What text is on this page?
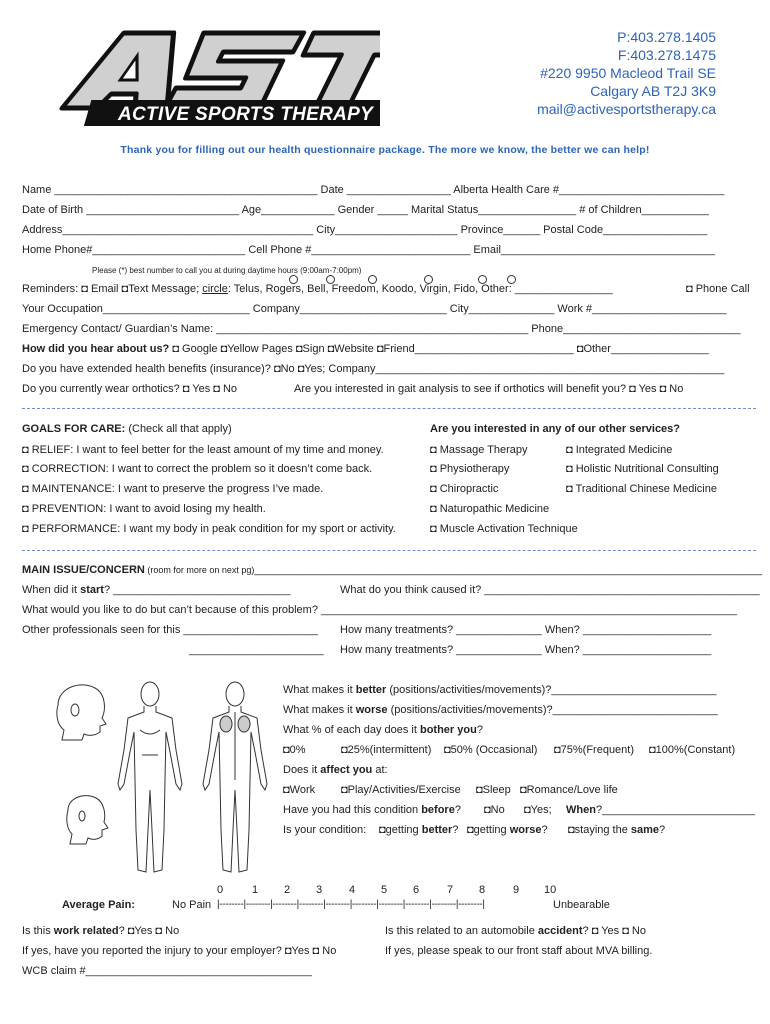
AST
ACTIVE SPORTS THERAPY
P:403.278.1405
F:403.278.1475
#220 9950 Macleod Trail SE
Calgary AB T2J 3K9
mail@activesportstherapy.ca
Thank you for filling out our health questionnaire package. The more we know, the better we can help!
Name ___________________________________________ Date _________________ Alberta Health Care #___________________________
Date of Birth _________________________ Age____________ Gender _____ Marital Status________________ # of Children___________
Address_________________________________________ City____________________ Province______ Postal Code_________________
Home Phone#_________________________ Cell Phone #__________________________ Email___________________________________
Please (*) best number to call you at during daytime hours (9:00am-7:00pm)
Reminders: ◘ Email ◘Text Message; circle: Telus, Rogers, Bell, Freedom, Koodo, Virgin, Fido, Other: ________________	◘ Phone Call
Your Occupation________________________ Company________________________ City______________ Work #______________________
Emergency Contact/ Guardian’s Name: ___________________________________________________ Phone_____________________________
How did you hear about us? ◘ Google ◘Yellow Pages ◘Sign ◘Website ◘Friend__________________________ ◘Other________________
Do you have extended health benefits (insurance)? ◘No ◘Yes; Company_________________________________________________________
Do you currently wear orthotics? ◘ Yes ◘ No	Are you interested in gait analysis to see if orthotics will benefit you? ◘ Yes ◘ No
GOALS FOR CARE: (Check all that apply)
◘ RELIEF: I want to feel better for the least amount of my time and money.
◘ CORRECTION: I want to correct the problem so it doesn’t come back.
◘ MAINTENANCE: I want to preserve the progress I’ve made.
◘ PREVENTION: I want to avoid losing my health.
◘ PERFORMANCE: I want my body in peak condition for my sport or activity.
Are you interested in any of our other services?
◘ Massage Therapy
◘ Physiotherapy
◘ Chiropractic
◘ Naturopathic Medicine
◘ Muscle Activation Technique
◘ Integrated Medicine
◘ Holistic Nutritional Consulting
◘ Traditional Chinese Medicine
MAIN ISSUE/CONCERN (room for more on next pg)___________________________________________________________________________________
When did it start? _____________________________	What do you think caused it? _____________________________________________
What would you like to do but can’t because of this problem? ____________________________________________________________________
Other professionals seen for this ______________________ How many treatments? ______________ When? _____________________
______________________ How many treatments? ______________ When? _____________________
What makes it better (positions/activities/movements)?___________________________
What makes it worse (positions/activities/movements)?___________________________
What % of each day does it bother you?
◘0%	◘25%(intermittent) ◘50% (Occasional) ◘75%(Frequent) ◘100%(Constant)
Does it affect you at:
◘Work ◘Play/Activities/Exercise ◘Sleep ◘Romance/Love life
Have you had this condition before? ◘No ◘Yes; When?_________________________
Is your condition: ◘getting better? ◘getting worse? ◘staying the same?
0	1 2 3 4 5 6	7 8	9 10
Average Pain:	No Pain |--------|--------|--------|--------|--------|--------|--------|--------|--------|--------|	Unbearable
Is this work related? ◘Yes ◘ No
If yes, have you reported the injury to your employer? ◘Yes ◘ No
WCB claim #_____________________________________
Is this related to an automobile accident? ◘ Yes ◘ No
If yes, please speak to our front staff about MVA billing.
